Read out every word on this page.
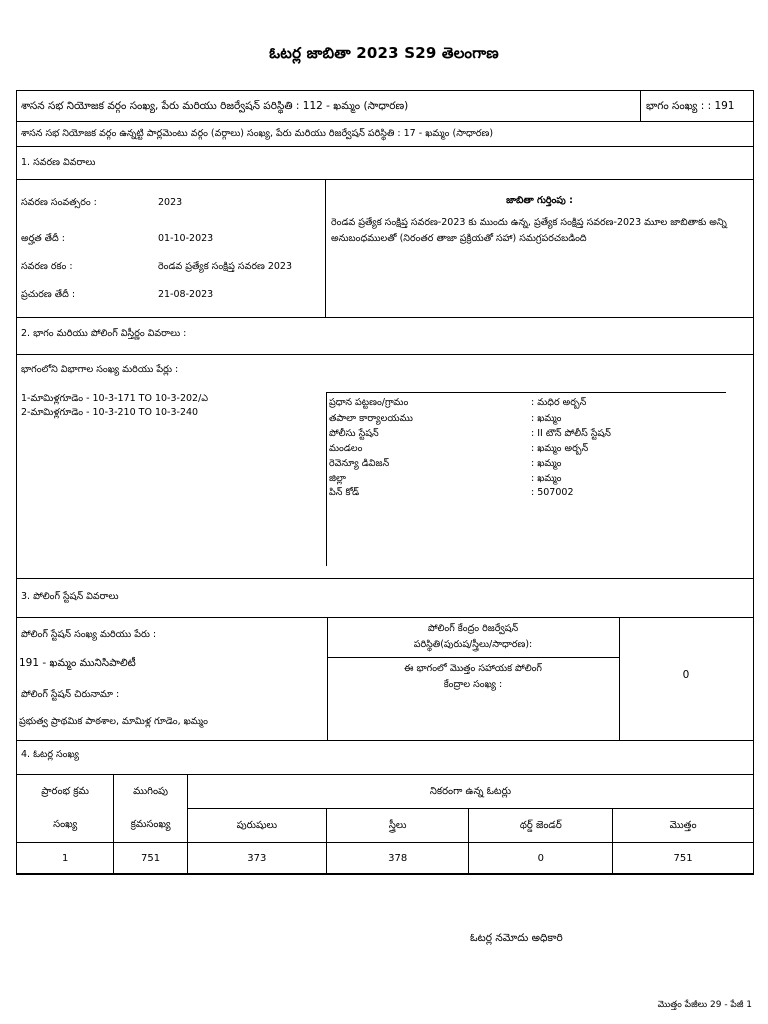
ఓటర్ల జాబితా 2023 S29 తెలంగాణ
శాసన సభ నియోజక వర్గం సంఖ్య, పేరు మరియు రిజర్వేషన్ పరిస్థితి : 112 - ఖమ్మం (సాధారణ)	భాగం సంఖ్య : : 191
శాసన సభ నియోజక వర్గం ఉన్నట్టి పార్లమెంటు వర్గం (వర్గాలు) సంఖ్య, పేరు మరియు రిజర్వేషన్ పరిస్థితి : 17 - ఖమ్మం (సాధారణ)
1. సవరణ వివరాలు
సవరణ సంవత్సరం :	2023
అర్హత తేదీ :	01-10-2023
సవరణ రకం :	రెండవ ప్రత్యేక సంక్షిప్త సవరణ 2023
ప్రచురణ తేదీ :	21-08-2023
జాబితా గుర్తింపు :
రెండవ ప్రత్యేక సంక్షిప్త సవరణ-2023 కు ముందు ఉన్న, ప్రత్యేక సంక్షిప్త సవరణ-2023 మూల జాబితాకు అన్ని అనుబంధములతో (నిరంతర తాజా ప్రక్రియతో సహా) సమగ్రపరచబడింది
2. భాగం మరియు పోలింగ్ విస్తీర్ణం వివరాలు :
భాగంలోని విభాగాల సంఖ్య మరియు పేర్లు :
1-మామిళ్లగూడెం - 10-3-171 TO 10-3-202/ఎ
2-మామిళ్లగూడెం - 10-3-210 TO 10-3-240
ప్రధాన పట్టణం/గ్రామం	: మధిర అర్బన్
తపాలా కార్యాలయము	: ఖమ్మం
పోలీసు స్టేషన్	: II టౌన్ పోలీస్ స్టేషన్
మండలం	: ఖమ్మం అర్బన్
రెవెన్యూ డివిజన్	: ఖమ్మం
జిల్లా	: ఖమ్మం
పిన్ కోడ్	: 507002
3. పోలింగ్ స్టేషన్ వివరాలు
పోలింగ్ స్టేషన్ సంఖ్య మరియు పేరు :
191 - ఖమ్మం మునిసిపాలిటీ
పోలింగ్ స్టేషన్ చిరునామా :
ప్రభుత్వ ప్రాథమిక పాఠశాల, మామిళ్ల గూడెం, ఖమ్మం
పోలింగ్ కేంద్రం రిజర్వేషన్
పరిస్థితి(పురుష/స్త్రీలు/సాధారణ):
ఈ భాగంలో మొత్తం సహాయక పోలింగ్
కేంద్రాల సంఖ్య :
0
4. ఓటర్ల సంఖ్య
ప్రారంభ క్రమ	ముగింపు	నికరంగా ఉన్న ఓటర్లు			
సంఖ్య	క్రమసంఖ్య	పురుషులు	స్త్రీలు	థర్డ్ జెండర్	మొత్తం
1	751	373	378	0	751
ఓటర్ల నమోదు అధికారి
మొత్తం పేజీలు 29 - పేజీ 1
